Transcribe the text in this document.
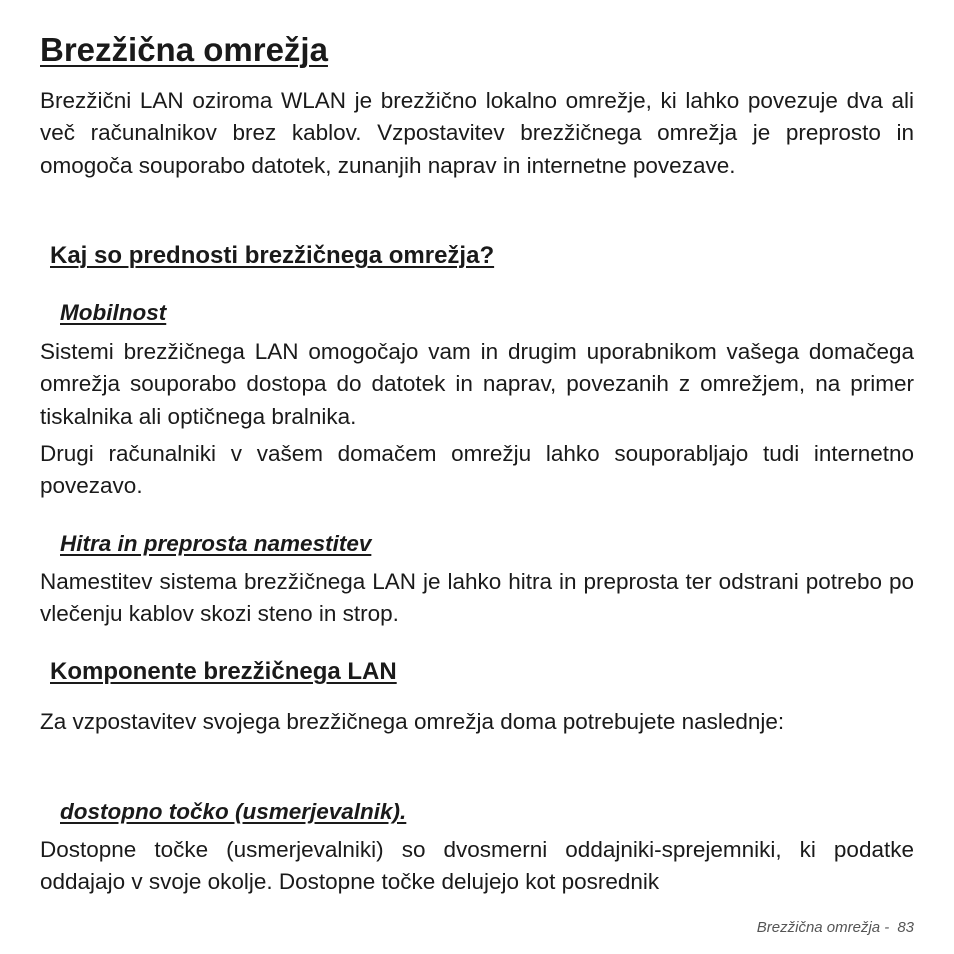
Brezžična omrežja

Brezžični LAN oziroma WLAN je brezžično lokalno omrežje, ki lahko povezuje dva ali več računalnikov brez kablov. Vzpostavitev brezžičnega omrežja je preprosto in omogoča souporabo datotek, zunanjih naprav in internetne povezave.

Kaj so prednosti brezžičnega omrežja?
Mobilnost

Sistemi brezžičnega LAN omogočajo vam in drugim uporabnikom vašega domačega omrežja souporabo dostopa do datotek in naprav, povezanih z omrežjem, na primer tiskalnika ali optičnega bralnika.

Drugi računalniki v vašem domačem omrežju lahko souporabljajo tudi internetno povezavo.

Hitra in preprosta namestitev

Namestitev sistema brezžičnega LAN je lahko hitra in preprosta ter odstrani potrebo po vlečenju kablov skozi steno in strop.

Komponente brezžičnega LAN

Za vzpostavitev svojega brezžičnega omrežja doma potrebujete naslednje:

dostopno točko (usmerjevalnik).

Dostopne točke (usmerjevalniki) so dvosmerni oddajniki-sprejemniki, ki podatke oddajajo v svoje okolje. Dostopne točke delujejo kot posrednik

Brezžična omrežja - 83
